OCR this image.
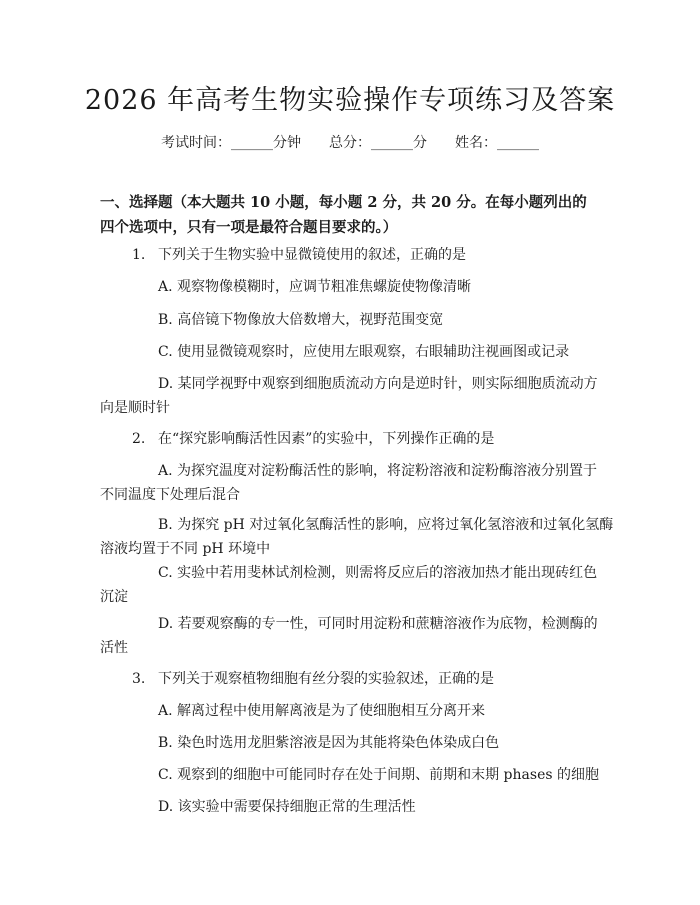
2026 年高考生物实验操作专项练习及答案
考试时间：______分钟 总分：______分 姓名：______
一、选择题（本大题共 10 小题，每小题 2 分，共 20 分。在每小题列出的四个选项中，只有一项是最符合题目要求的。）
1. 下列关于生物实验中显微镜使用的叙述，正确的是
A. 观察物像模糊时，应调节粗准焦螺旋使物像清晰
B. 高倍镜下物像放大倍数增大，视野范围变宽
C. 使用显微镜观察时，应使用左眼观察，右眼辅助注视画图或记录
D. 某同学视野中观察到细胞质流动方向是逆时针，则实际细胞质流动方
向是顺时针
2. 在“探究影响酶活性因素”的实验中，下列操作正确的是
A. 为探究温度对淀粉酶活性的影响，将淀粉溶液和淀粉酶溶液分别置于
不同温度下处理后混合
B. 为探究 pH 对过氧化氢酶活性的影响，应将过氧化氢溶液和过氧化氢酶
溶液均置于不同 pH 环境中
C. 实验中若用斐林试剂检测，则需将反应后的溶液加热才能出现砖红色
沉淀
D. 若要观察酶的专一性，可同时用淀粉和蔗糖溶液作为底物，检测酶的
活性
3. 下列关于观察植物细胞有丝分裂的实验叙述，正确的是
A. 解离过程中使用解离液是为了使细胞相互分离开来
B. 染色时选用龙胆紫溶液是因为其能将染色体染成白色
C. 观察到的细胞中可能同时存在处于间期、前期和末期 phases 的细胞
D. 该实验中需要保持细胞正常的生理活性
